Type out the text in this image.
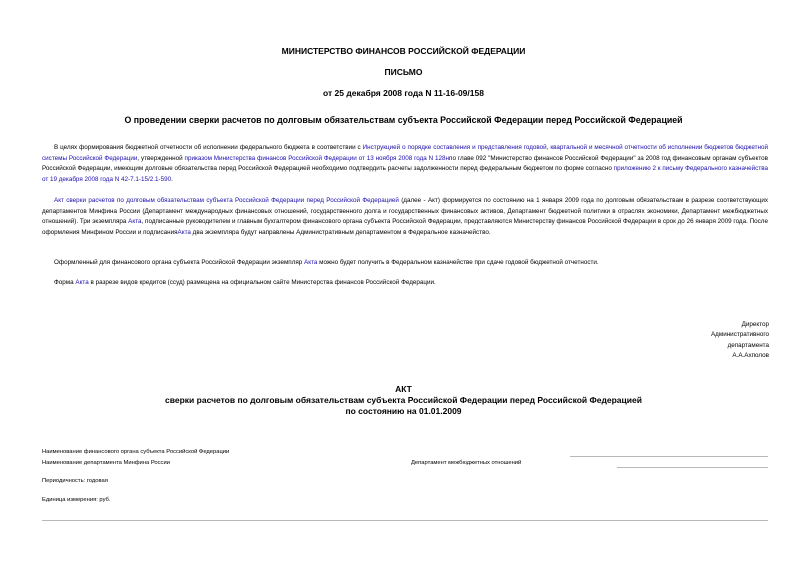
МИНИСТЕРСТВО ФИНАНСОВ РОССИЙСКОЙ ФЕДЕРАЦИИ
ПИСЬМО
от 25 декабря 2008 года N 11-16-09/158
О проведении сверки расчетов по долговым обязательствам субъекта Российской Федерации перед Российской Федерацией
В целях формирования бюджетной отчетности об исполнении федерального бюджета в соответствии с Инструкцией о порядке составления и представления годовой, квартальной и месячной отчетности об исполнении бюджетов бюджетной системы Российской Федерации, утвержденной приказом Министерства финансов Российской Федерации от 13 ноября 2008 года N 128нпо главе 092 "Министерство финансов Российской Федерации" за 2008 год финансовым органам субъектов Российской Федерации, имеющим долговые обязательства перед Российской Федерацией необходимо подтвердить расчеты задолженности перед федеральным бюджетом по форме согласно приложению 2 к письму Федерального казначейства от 19 декабря 2008 года N 42-7.1-15/2.1-590.
Акт сверки расчетов по долговым обязательствам субъекта Российской Федерации перед Российской Федерацией (далее - Акт) формируется по состоянию на 1 января 2009 года по долговым обязательствам в разрезе соответствующих департаментов Минфина России (Департамент международных финансовых отношений, государственного долга и государственных финансовых активов, Департамент бюджетной политики в отраслях экономики, Департамент межбюджетных отношений). Три экземпляра Акта, подписанные руководителем и главным бухгалтером финансового органа субъекта Российской Федерации, представляются Министерству финансов Российской Федерации в срок до 26 января 2009 года. После оформления Минфином России и подписанияАкта два экземпляра будут направлены Административным департаментом в Федеральное казначейство.
Оформленный для финансового органа субъекта Российской Федерации экземпляр Акта можно будет получить в Федеральном казначействе при сдаче годовой бюджетной отчетности.
Форма Акта в разрезе видов кредитов (ссуд) размещена на официальном сайте Министерства финансов Российской Федерации.
Директор
Административного
департамента
А.А.Ахполов
АКТ
сверки расчетов по долговым обязательствам субъекта Российской Федерации перед Российской Федерацией
по состоянию на 01.01.2009
Наименование финансового органа субъекта Российской Федерации
Наименование департамента Минфина России	Департамент межбюджетных отношений
Периодичность: годовая
Единица измерения: руб.
